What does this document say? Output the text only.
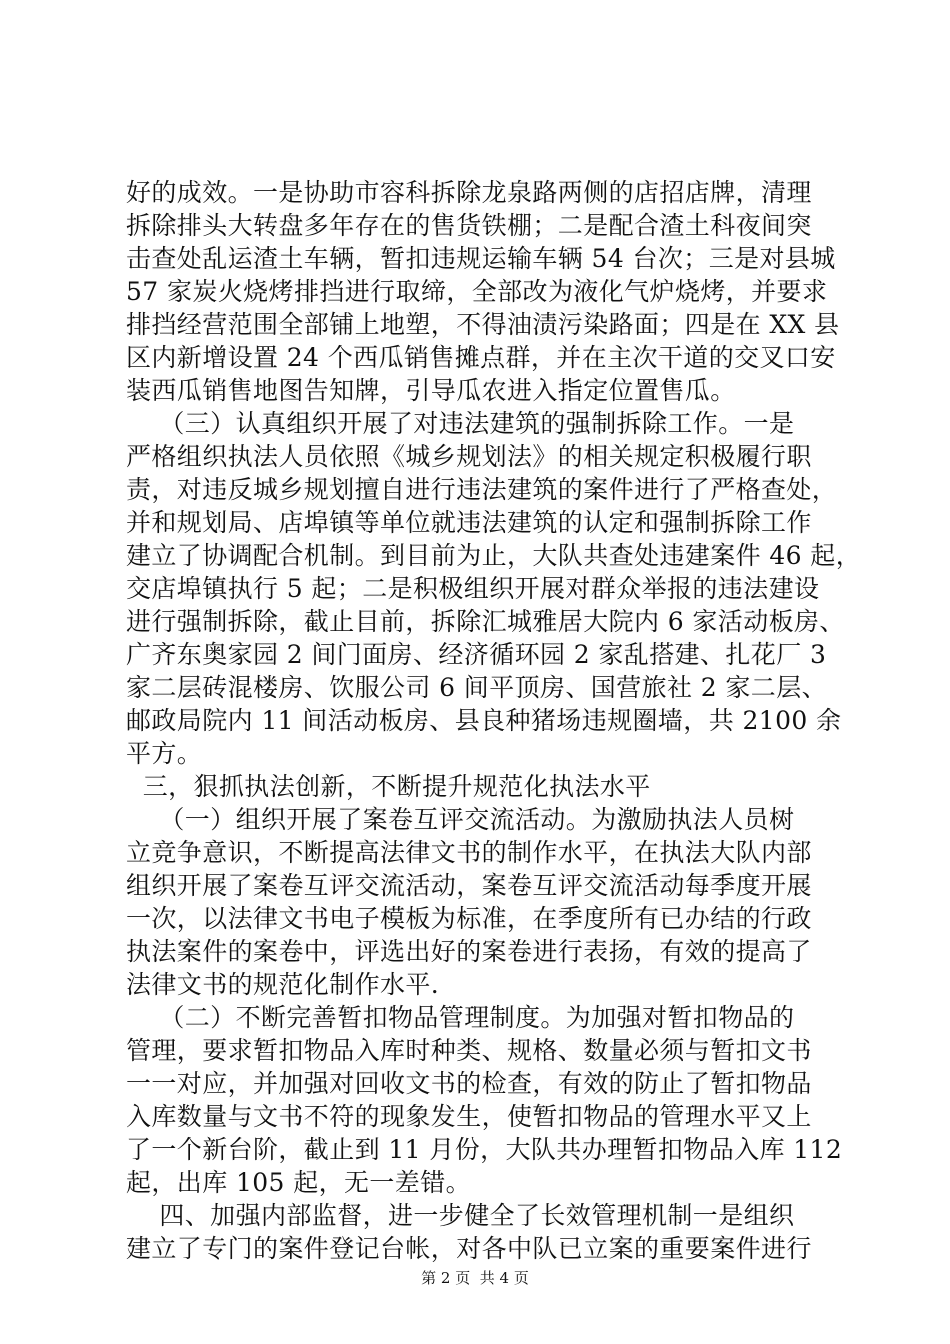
好的成效。一是协助市容科拆除龙泉路两侧的店招店牌，清理
拆除排头大转盘多年存在的售货铁棚；二是配合渣土科夜间突
击查处乱运渣土车辆，暂扣违规运输车辆 54 台次；三是对县城
57 家炭火烧烤排挡进行取缔，全部改为液化气炉烧烤，并要求
排挡经营范围全部铺上地塑，不得油渍污染路面；四是在 XX 县
区内新增设置 24 个西瓜销售摊点群，并在主次干道的交叉口安
装西瓜销售地图告知牌，引导瓜农进入指定位置售瓜。
（三）认真组织开展了对违法建筑的强制拆除工作。一是
严格组织执法人员依照《城乡规划法》的相关规定积极履行职
责，对违反城乡规划擅自进行违法建筑的案件进行了严格查处，
并和规划局、店埠镇等单位就违法建筑的认定和强制拆除工作
建立了协调配合机制。到目前为止，大队共查处违建案件 46 起，
交店埠镇执行 5 起；二是积极组织开展对群众举报的违法建设
进行强制拆除，截止目前，拆除汇城雅居大院内 6 家活动板房、
广齐东奥家园 2 间门面房、经济循环园 2 家乱搭建、扎花厂 3
家二层砖混楼房、饮服公司 6 间平顶房、国营旅社 2 家二层、
邮政局院内 11 间活动板房、县良种猪场违规圈墙，共 2100 余
平方。
三，狠抓执法创新，不断提升规范化执法水平
（一）组织开展了案卷互评交流活动。为激励执法人员树
立竞争意识，不断提高法律文书的制作水平，在执法大队内部
组织开展了案卷互评交流活动，案卷互评交流活动每季度开展
一次，以法律文书电子模板为标准，在季度所有已办结的行政
执法案件的案卷中，评选出好的案卷进行表扬，有效的提高了
法律文书的规范化制作水平.
（二）不断完善暂扣物品管理制度。为加强对暂扣物品的
管理，要求暂扣物品入库时种类、规格、数量必须与暂扣文书
一一对应，并加强对回收文书的检查，有效的防止了暂扣物品
入库数量与文书不符的现象发生，使暂扣物品的管理水平又上
了一个新台阶，截止到 11 月份，大队共办理暂扣物品入库 112
起，出库 105 起，无一差错。
四、加强内部监督，进一步健全了长效管理机制一是组织
建立了专门的案件登记台帐，对各中队已立案的重要案件进行
第 2 页  共 4 页
